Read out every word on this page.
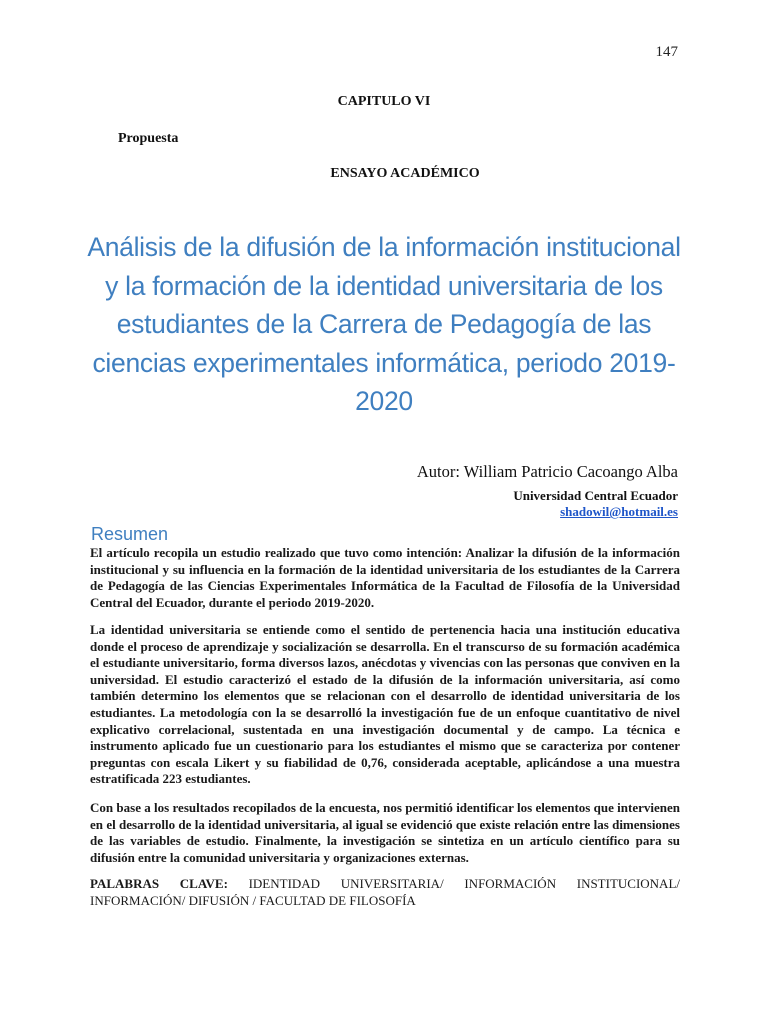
147
CAPITULO VI
Propuesta
ENSAYO ACADÉMICO
Análisis de la difusión de la información institucional y la formación de la identidad universitaria de los estudiantes de la Carrera de Pedagogía de las ciencias experimentales informática, periodo 2019-2020
Autor: William Patricio Cacoango Alba
Universidad Central Ecuador
shadowil@hotmail.es
Resumen

El artículo recopila un estudio realizado que tuvo como intención: Analizar la difusión de la información institucional y su influencia en la formación de la identidad universitaria de los estudiantes de la Carrera de Pedagogía de las Ciencias Experimentales Informática de la Facultad de Filosofía de la Universidad Central del Ecuador, durante el periodo 2019-2020.

La identidad universitaria se entiende como el sentido de pertenencia hacia una institución educativa donde el proceso de aprendizaje y socialización se desarrolla. En el transcurso de su formación académica el estudiante universitario, forma diversos lazos, anécdotas y vivencias con las personas que conviven en la universidad. El estudio caracterizó el estado de la difusión de la información universitaria, así como también determino los elementos que se relacionan con el desarrollo de identidad universitaria de los estudiantes. La metodología con la se desarrolló la investigación fue de un enfoque cuantitativo de nivel explicativo correlacional, sustentada en una investigación documental y de campo. La técnica e instrumento aplicado fue un cuestionario para los estudiantes el mismo que se caracteriza por contener preguntas con escala Likert y su fiabilidad de 0,76, considerada aceptable, aplicándose a una muestra estratificada 223 estudiantes.

Con base a los resultados recopilados de la encuesta, nos permitió identificar los elementos que intervienen en el desarrollo de la identidad universitaria, al igual se evidenció que existe relación entre las dimensiones de las variables de estudio. Finalmente, la investigación se sintetiza en un artículo científico para su difusión entre la comunidad universitaria y organizaciones externas.

PALABRAS CLAVE: IDENTIDAD UNIVERSITARIA/ INFORMACIÓN INSTITUCIONAL/ INFORMACIÓN/ DIFUSIÓN / FACULTAD DE FILOSOFÍA
